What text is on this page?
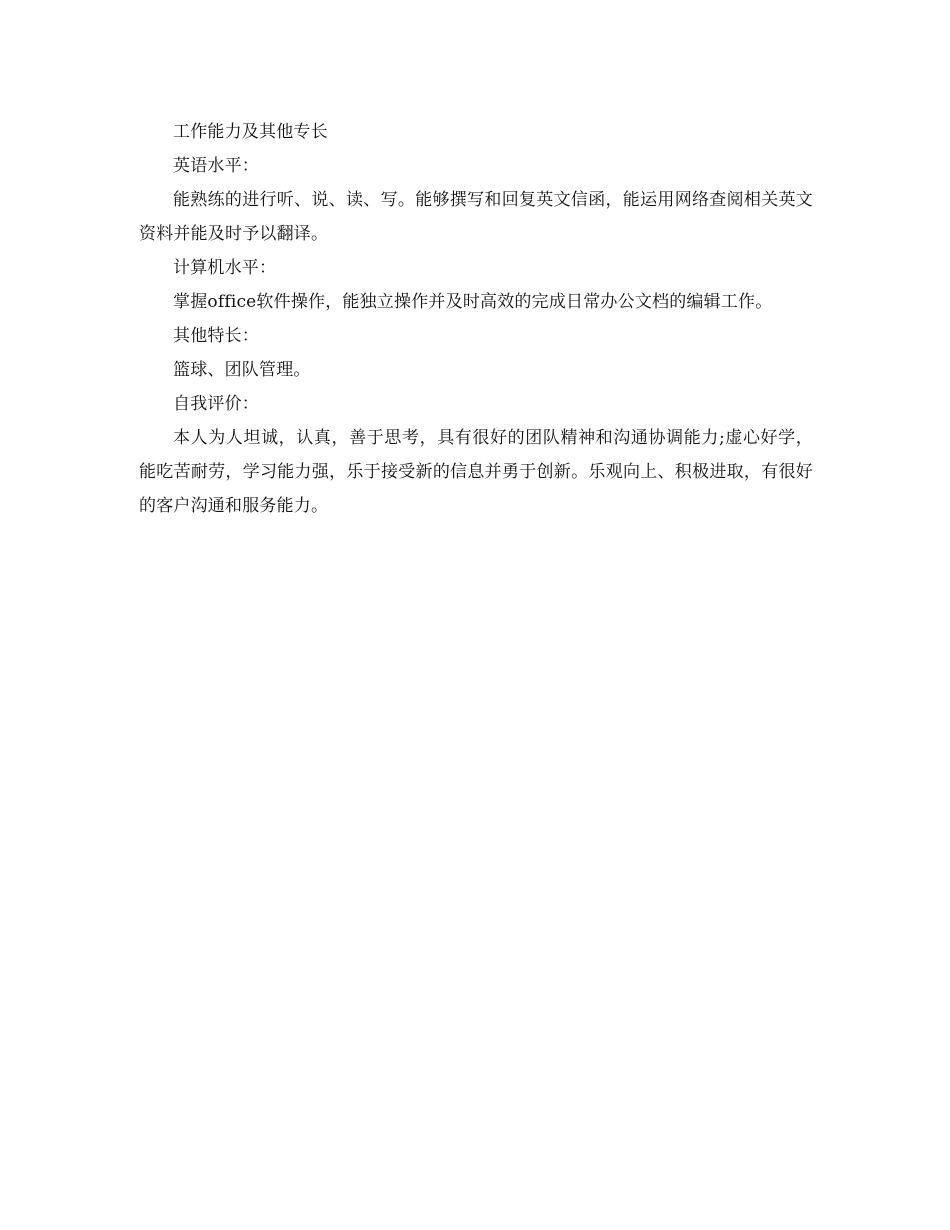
工作能力及其他专长

英语水平：

能熟练的进行听、说、读、写。能够撰写和回复英文信函，能运用网络查阅相关英文资料并能及时予以翻译。

计算机水平：

掌握office软件操作，能独立操作并及时高效的完成日常办公文档的编辑工作。

其他特长：

篮球、团队管理。

自我评价：

本人为人坦诚，认真，善于思考，具有很好的团队精神和沟通协调能力;虚心好学，能吃苦耐劳，学习能力强，乐于接受新的信息并勇于创新。乐观向上、积极进取，有很好的客户沟通和服务能力。
